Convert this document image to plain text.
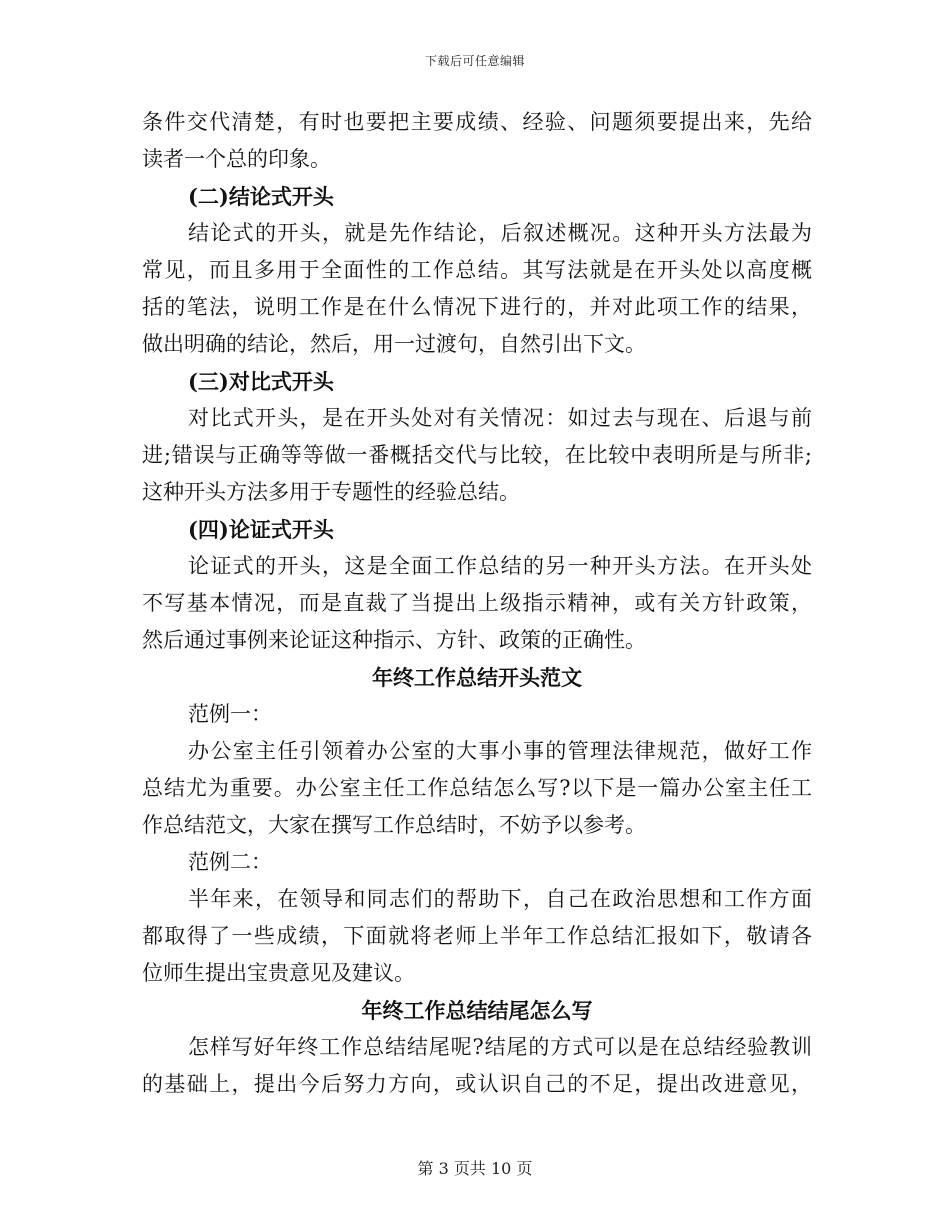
下载后可任意编辑
条件交代清楚，有时也要把主要成绩、经验、问题须要提出来，先给
读者一个总的印象。
(二)结论式开头
结论式的开头，就是先作结论，后叙述概况。这种开头方法最为
常见，而且多用于全面性的工作总结。其写法就是在开头处以高度概
括的笔法，说明工作是在什么情况下进行的，并对此项工作的结果，
做出明确的结论，然后，用一过渡句，自然引出下文。
(三)对比式开头
对比式开头，是在开头处对有关情况：如过去与现在、后退与前
进;错误与正确等等做一番概括交代与比较，在比较中表明所是与所非;
这种开头方法多用于专题性的经验总结。
(四)论证式开头
论证式的开头，这是全面工作总结的另一种开头方法。在开头处
不写基本情况，而是直裁了当提出上级指示精神，或有关方针政策，
然后通过事例来论证这种指示、方针、政策的正确性。
年终工作总结开头范文
范例一：
办公室主任引领着办公室的大事小事的管理法律规范，做好工作
总结尤为重要。办公室主任工作总结怎么写?以下是一篇办公室主任工
作总结范文，大家在撰写工作总结时，不妨予以参考。
范例二：
半年来，在领导和同志们的帮助下，自己在政治思想和工作方面
都取得了一些成绩，下面就将老师上半年工作总结汇报如下，敬请各
位师生提出宝贵意见及建议。
年终工作总结结尾怎么写
怎样写好年终工作总结结尾呢?结尾的方式可以是在总结经验教训
的基础上，提出今后努力方向，或认识自己的不足，提出改进意见，
第 3 页共 10 页
